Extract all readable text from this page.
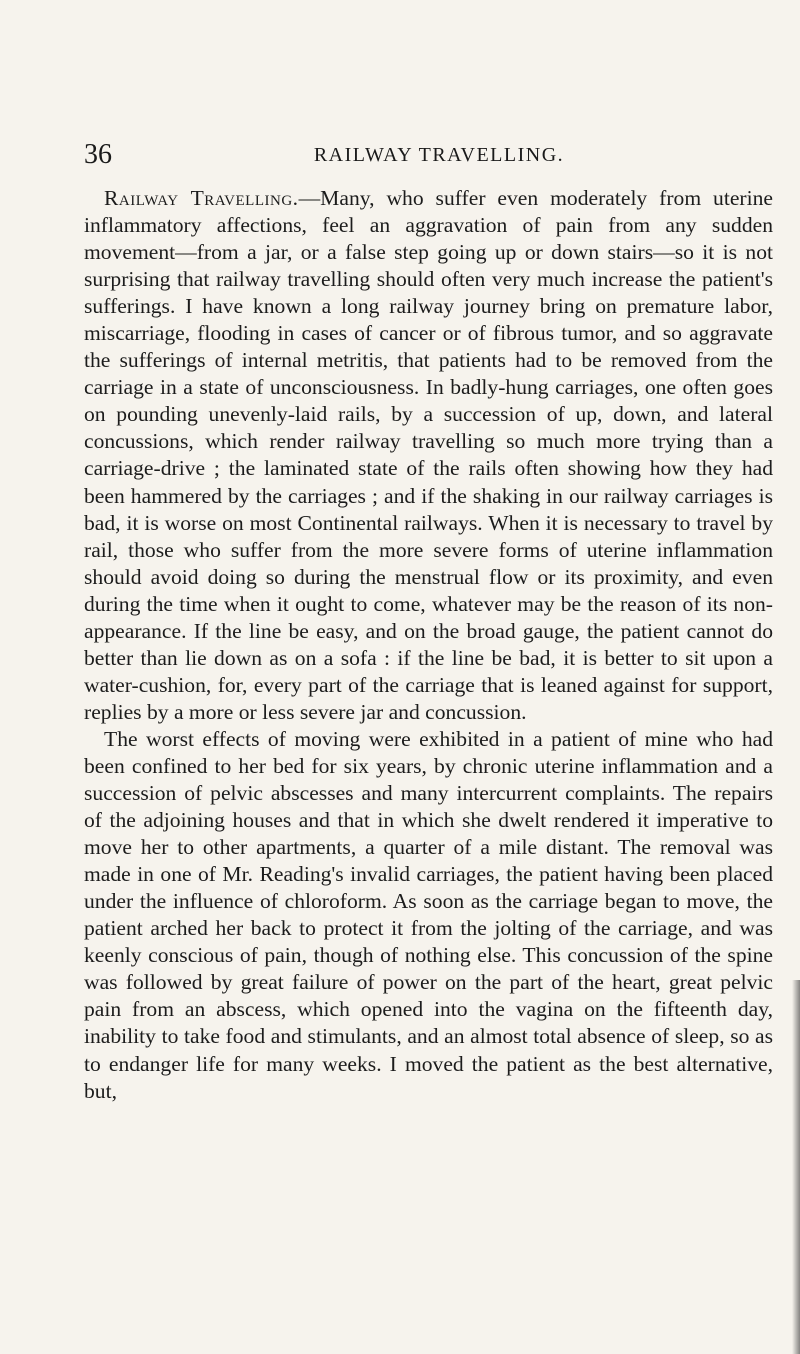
36	RAILWAY TRAVELLING.

Railway Travelling.—Many, who suffer even moderately from uterine inflammatory affections, feel an aggravation of pain from any sudden movement—from a jar, or a false step going up or down stairs—so it is not surprising that railway travelling should often very much increase the patient's sufferings. I have known a long railway journey bring on premature labor, miscarriage, flooding in cases of cancer or of fibrous tumor, and so aggravate the sufferings of internal metritis, that patients had to be removed from the carriage in a state of unconsciousness. In badly-hung carriages, one often goes on pounding unevenly-laid rails, by a succession of up, down, and lateral concussions, which render railway travelling so much more trying than a carriage-drive ; the laminated state of the rails often showing how they had been hammered by the carriages ; and if the shaking in our railway carriages is bad, it is worse on most Continental railways. When it is necessary to travel by rail, those who suffer from the more severe forms of uterine inflammation should avoid doing so during the menstrual flow or its proximity, and even during the time when it ought to come, whatever may be the reason of its non-appearance. If the line be easy, and on the broad gauge, the patient cannot do better than lie down as on a sofa : if the line be bad, it is better to sit upon a water-cushion, for, every part of the carriage that is leaned against for support, replies by a more or less severe jar and concussion.

The worst effects of moving were exhibited in a patient of mine who had been confined to her bed for six years, by chronic uterine inflammation and a succession of pelvic abscesses and many intercurrent complaints. The repairs of the adjoining houses and that in which she dwelt rendered it imperative to move her to other apartments, a quarter of a mile distant. The removal was made in one of Mr. Reading's invalid carriages, the patient having been placed under the influence of chloroform. As soon as the carriage began to move, the patient arched her back to protect it from the jolting of the carriage, and was keenly conscious of pain, though of nothing else. This concussion of the spine was followed by great failure of power on the part of the heart, great pelvic pain from an abscess, which opened into the vagina on the fifteenth day, inability to take food and stimulants, and an almost total absence of sleep, so as to endanger life for many weeks. I moved the patient as the best alternative, but,
